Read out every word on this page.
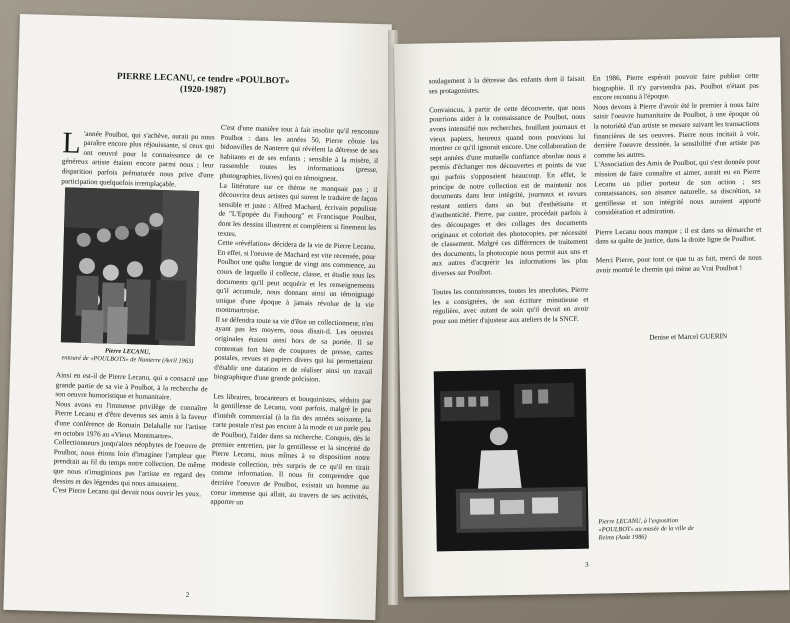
PIERRE LECANU, ce tendre «POULBOT»
(1920-1987)

L 'année Poulbot, qui s'achève, aurait pu nous paraître encore plus réjouissante, si ceux qui ont oeuvré pour la connaissance de ce généreux artiste étaient encore parmi nous ; leur disparition parfois prématurée nous prive d'une participation quelquefois irremplaçable.

Pierre LECANU,
entouré de «POULBOTS» de Nanterre (Avril 1963)
Ainsi en est-il de Pierre Lecanu, qui a consacré une grande partie de sa vie à Poulbot, à la recherche de son oeuvre humoristique et humanitaire.
Nous avons eu l'immense privilège de connaître Pierre Lecanu et d'être devenus ses amis à la faveur d'une conférence de Romain Delahalle sur l'artiste en octobre 1976 au «Vieux Montmartre».
Collectionneurs jusqu'alors néophytes de l'oeuvre de Poulbot, nous étions loin d'imaginer l'ampleur que prendrait au fil du temps notre collection. De même que nous n'imaginions pas l'artiste en regard des dessins et des légendes qui nous amusaient.
C'est Pierre Lecanu qui devait nous ouvrir les yeux.
C'est d'une manière tout à fait insolite qu'il rencontre Poulbot : dans les années 50, Pierre côtoie les bidonvilles de Nanterre qui révèlent la détresse de ses habitants et de ses enfants ; sensible à la misère, il rassemble toutes les informations (presse, photographies, livres) qui en témoignent.
La littérature sur ce thème ne manquait pas ; il découvrira deux artistes qui surent le traduire de façon sensible et juste : Alfred Machard, écrivain populiste de "L'Epopée du Faubourg" et Francisque Poulbot, dont les dessins illustrent et complètent si finement les textes.
Cette «révélation» décidera de la vie de Pierre Lecanu. En effet, si l'oeuvre de Machard est vite recensée, pour Poulbot une quête longue de vingt ans commence, au cours de laquelle il collecte, classe, et étudie tous les documents qu'il peut acquérir et les renseignements qu'il accumule, nous donnant ainsi un témoignage unique d'une époque à jamais révolue de la vie montmartroise.
Il se défendra toute sa vie d'être un collectionneur, n'en ayant pas les moyens, nous disait-il. Les oeuvres originales étaient ainsi hors de sa portée. Il se contentait fort bien de coupures de presse, cartes postales, revues et papiers divers qui lui permettaient d'établir une datation et de réaliser ainsi un travail biographique d'une grande précision.

Les libraires, brocanteurs et bouquinistes, séduits par la gentillesse de Lecanu, vont parfois, malgré le peu d'intérêt commercial (à la fin des années soixante, la carte postale n'est pas encore à la mode et un parle peu de Poulbot), l'aider dans sa recherche. Conquis, dès le premier entretien, par la gentillesse et la sincérité de Pierre Lecanu, nous mîmes à sa disposition notre modeste collection, très surpris de ce qu'il en tirait comme information. Il nous fit comprendre que derrière l'oeuvre de Poulbot, existait un homme au coeur immense qui allait, au travers de ses activités, apporter un
2
soulagement à la détresse des enfants dont il faisait ses protagonistes.

Convaincus, à partir de cette découverte, que nous pourrions aider à la connaissance de Poulbot, nous avons intensifié nos recherches, fouillant journaux et vieux papiers, heureux quand nous pouvions lui montrer ce qu'il ignorait encore. Une collaboration de sept années d'une mutuelle confiance absolue nous a permis d'échanger nos découvertes et points de vue qui parfois s'opposaient beaucoup. En effet, le principe de notre collection est de maintenir nos documents dans leur intégrité, journaux et revues restant entiers dans un but d'esthétisme et d'authenticité. Pierre, par contre, procédait parfois à des découpages et des collages des documents originaux et coloriait des photocopies, par nécessité de classement. Malgré ces différences de traitement des documents, la photocopie nous permit aux uns et aux autres d'acquérir les informations les plus diverses sur Poulbot.

Toutes les connaissances, toutes les anecdotes, Pierre les a consignées, de son écriture minutieuse et régulière, avec autant de soin qu'il devait en avoir pour son métier d'ajusteur aux ateliers de la SNCF.
En 1986, Pierre espérait pouvoir faire publier cette biographie. Il n'y parviendra pas, Poulbot n'étant pas encore reconnu à l'époque.
Nous devons à Pierre d'avoir été le premier à nous faire saisir l'oeuvre humanitaire de Poulbot, à une époque où la notoriété d'un artiste se mesure suivant les transactions financières de ses oeuvres. Pierre nous incitait à voir, derrière l'oeuvre dessinée, la sensibilité d'un artiste pas comme les autres.
L'Association des Amis de Poulbot, qui s'est donnée pour mission de faire connaître et aimer, aurait eu en Pierre Lecanu un pilier porteur de son action ; ses connaissances, son aisance naturelle, sa discrétion, sa gentillesse et son intégrité nous auraient apporté considération et admiration.

Pierre Lecanu nous manque ; il est dans sa démarche et dans sa quête de justice, dans la droite ligne de Poulbot.

Merci Pierre, pour tout ce que tu as fait, merci de nous avoir montré le chemin qui mène au Vrai Poulbot !
Denise et Marcel GUERIN
Pierre LECANU, à l'exposition «POULBOT» au musée de la ville de Reims (Août 1986)
3
